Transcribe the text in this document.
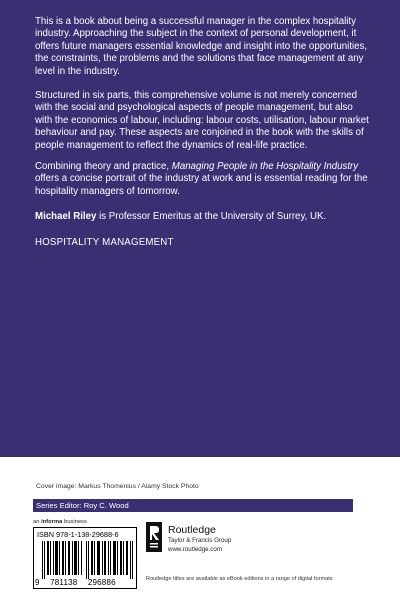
This is a book about being a successful manager in the complex hospitality industry. Approaching the subject in the context of personal development, it offers future managers essential knowledge and insight into the opportunities, the constraints, the problems and the solutions that face management at any level in the industry.

Structured in six parts, this comprehensive volume is not merely concerned with the social and psychological aspects of people management, but also with the economics of labour, including: labour costs, utilisation, labour market behaviour and pay. These aspects are conjoined in the book with the skills of people management to reflect the dynamics of real-life practice.

Combining theory and practice, Managing People in the Hospitality Industry offers a concise portrait of the industry at work and is essential reading for the hospitality managers of tomorrow.

Michael Riley is Professor Emeritus at the University of Surrey, UK.

HOSPITALITY MANAGEMENT

Cover image: Markus Thomenius / Alamy Stock Photo
Series Editor: Roy C. Wood
an informa business
ISBN 978-1-138-29688-6
9 781138 296886
Routledge
Taylor & Francis Group
www.routledge.com
Routledge titles are available as eBook editions in a range of digital formats
